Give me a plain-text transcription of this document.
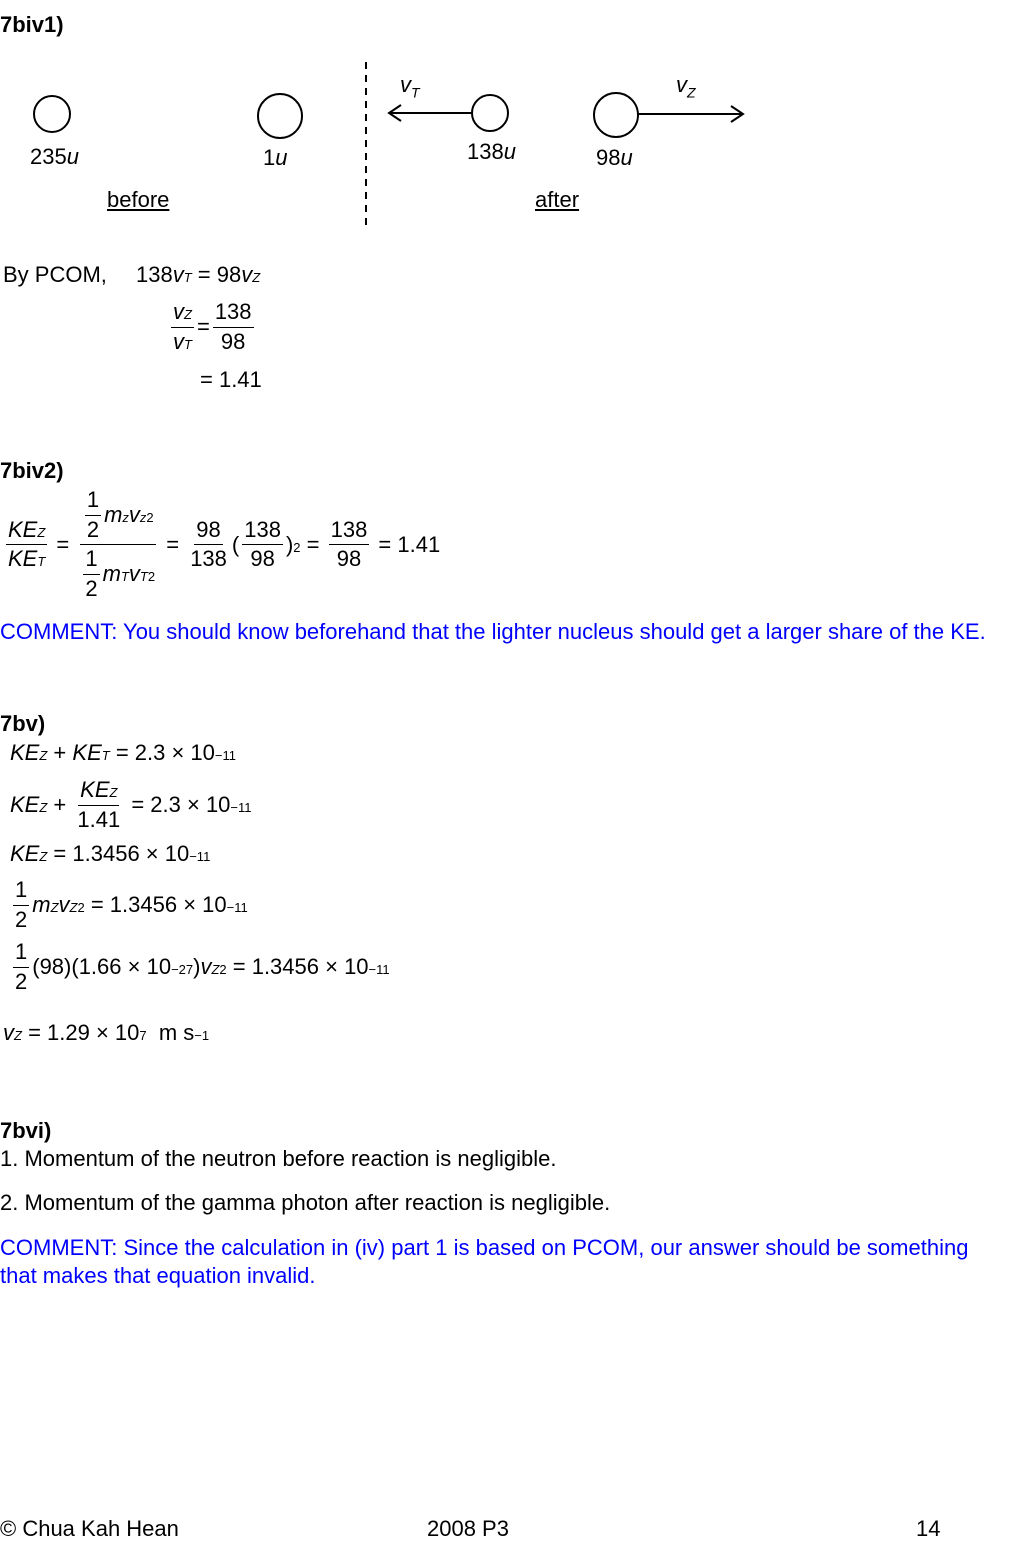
7biv1)
235u	1u	138u	98u
before	after
$v_T$	$v_Z$
By PCOM, 138 v T = 98 v Z
$\frac{\text{v Z}}{\text{v T}} = \frac{138}{98}$
= 1.41
7biv2)
$\frac{\text{KE Z}}{\text{KE T}} = \frac{\frac{1}{2} m z v z 2}{\frac{1}{2} m T v T 2} = \frac{98}{138}$ ( $\frac{138}{98}$ ) $2 = \frac{138}{98} = 1.41$
COMMENT: You should know beforehand that the lighter nucleus should get a larger share of the KE.
7bv)
KE Z + KE T = 2.3 × 10 −11
KE $Z + \frac{\text{KE Z}}{1.41} = 2.3 \times 10 -11$
KE Z = 1.3456 × 10 −11
$\frac{1}{2}$ m Z v Z 2 = 1.3456 × 10 −11
$\frac{1}{2} (98)(1.66 \times 10 -27$ ) v Z 2 = 1.3456 × 10 −11
v Z = 1.29 × 10 7 m s −1
7bvi)
1. Momentum of the neutron before reaction is negligible.
2. Momentum of the gamma photon after reaction is negligible.
COMMENT: Since the calculation in (iv) part 1 is based on PCOM, our answer should be something
that makes that equation invalid.
© Chua Kah Hean	2008 P3	14
